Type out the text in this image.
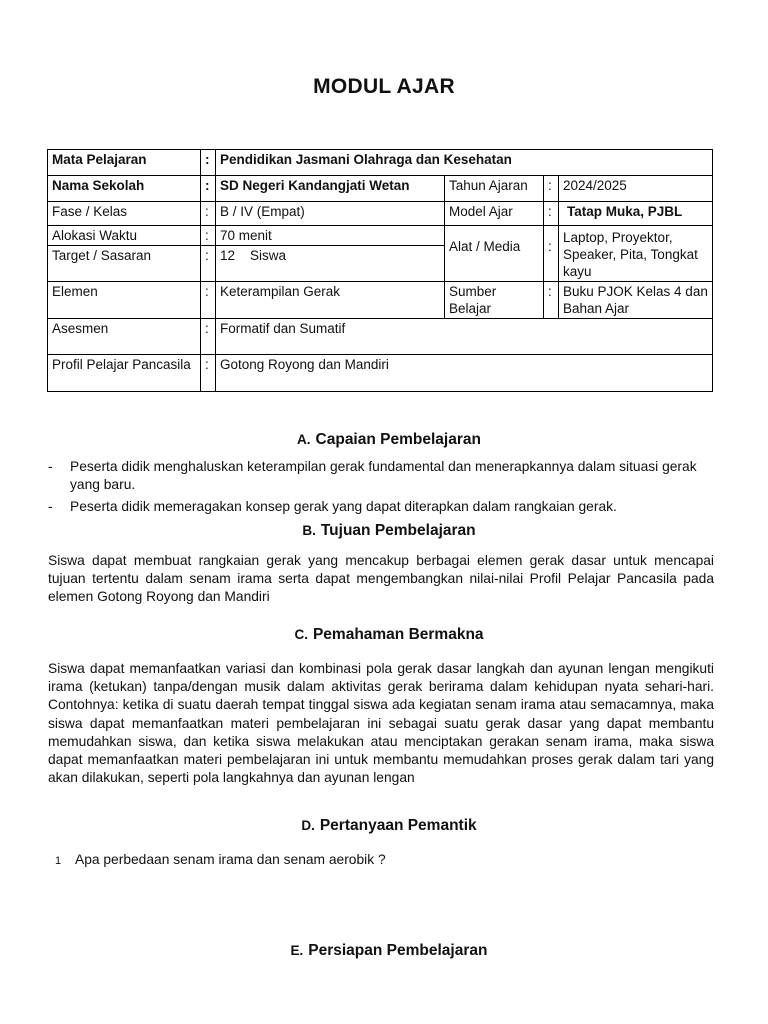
MODUL AJAR
Mata Pelajaran	:	Pendidikan Jasmani Olahraga dan Kesehatan			
Nama Sekolah	:	SD Negeri Kandangjati Wetan	Tahun Ajaran	:	2024/2025
Fase / Kelas	:	B / IV (Empat)	Model Ajar	:	Tatap Muka, PJBL
Alokasi Waktu	:	70 menit	Alat / Media	:	Laptop, Proyektor, Speaker, Pita, Tongkat kayu
Target / Sasaran	:	12    Siswa			
Elemen	:	Keterampilan Gerak	Sumber Belajar	:	Buku PJOK Kelas 4 dan Bahan Ajar
Asesmen	:	Formatif dan Sumatif			
Profil Pelajar Pancasila	:	Gotong Royong dan Mandiri			
A. Capaian Pembelajaran
- Peserta didik menghaluskan keterampilan gerak fundamental dan menerapkannya dalam situasi gerak yang baru.
- Peserta didik memeragakan konsep gerak yang dapat diterapkan dalam rangkaian gerak.
B. Tujuan Pembelajaran
Siswa dapat membuat rangkaian gerak yang mencakup berbagai elemen gerak dasar untuk mencapai tujuan tertentu dalam senam irama serta dapat mengembangkan nilai-nilai Profil Pelajar Pancasila pada elemen Gotong Royong dan Mandiri
C. Pemahaman Bermakna
Siswa dapat memanfaatkan variasi dan kombinasi pola gerak dasar langkah dan ayunan lengan mengikuti irama (ketukan) tanpa/dengan musik dalam aktivitas gerak berirama dalam kehidupan nyata sehari-hari. Contohnya: ketika di suatu daerah tempat tinggal siswa ada kegiatan senam irama atau semacamnya, maka siswa dapat memanfaatkan materi pembelajaran ini sebagai suatu gerak dasar yang dapat membantu memudahkan siswa, dan ketika siswa melakukan atau menciptakan gerakan senam irama, maka siswa dapat memanfaatkan materi pembelajaran ini untuk membantu memudahkan proses gerak dalam tari yang akan dilakukan, seperti pola langkahnya dan ayunan lengan
D. Pertanyaan Pemantik
1 Apa perbedaan senam irama dan senam aerobik ?
E. Persiapan Pembelajaran
